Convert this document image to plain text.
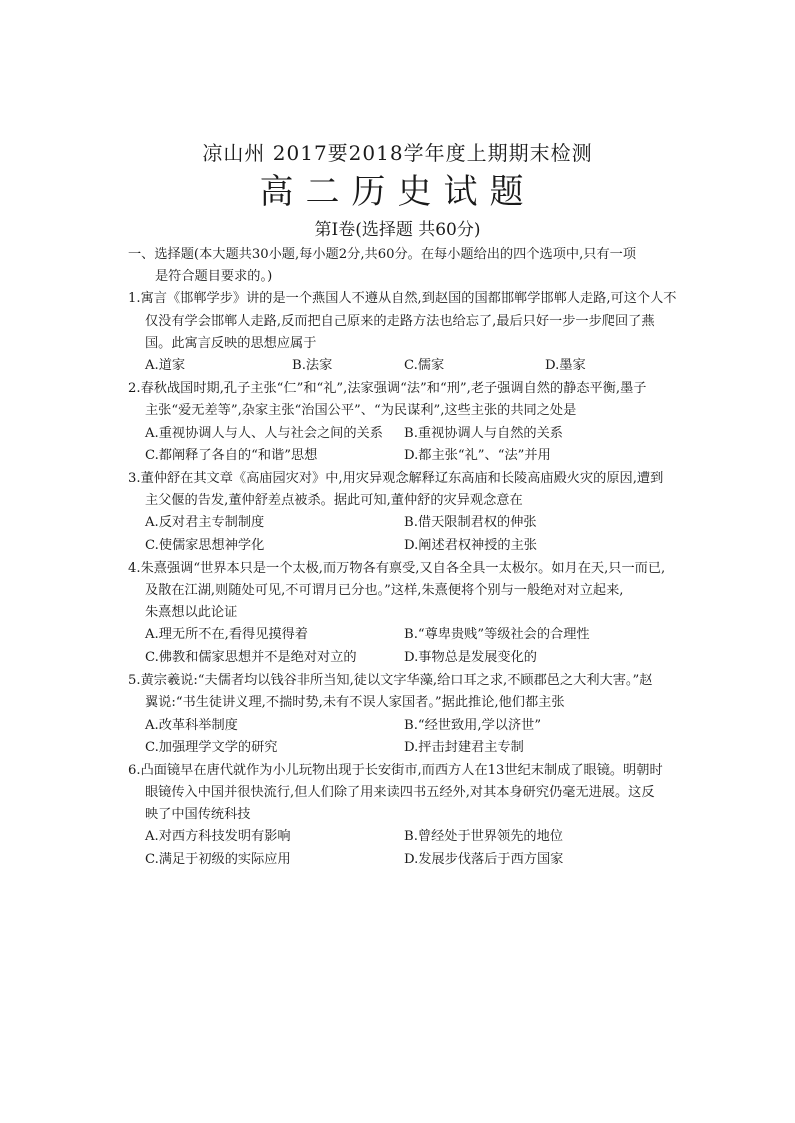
凉山州 2017要2018学年度上期期末检测
高二历史试题
第Ⅰ卷(选择题 共60分)
一、选择题(本大题共30小题,每小题2分,共60分。在每小题给出的四个选项中,只有一项
是符合题目要求的。)
1.寓言《邯郸学步》讲的是一个燕国人不遵从自然,到赵国的国都邯郸学邯郸人走路,可这个人不
仅没有学会邯郸人走路,反而把自己原来的走路方法也给忘了,最后只好一步一步爬回了燕
国。此寓言反映的思想应属于
A.道家	B.法家	C.儒家	D.墨家
2.春秋战国时期,孔子主张“仁”和“礼”,法家强调“法”和“刑”,老子强调自然的静态平衡,墨子
主张“爱无差等”,杂家主张“治国公平”、“为民谋利”,这些主张的共同之处是
A.重视协调人与人、人与社会之间的关系 B.重视协调人与自然的关系
C.都阐释了各自的“和谐”思想	D.都主张“礼”、“法”并用
3.董仲舒在其文章《高庙园灾对》中,用灾异观念解释辽东高庙和长陵高庙殿火灾的原因,遭到
主父偃的告发,董仲舒差点被杀。据此可知,董仲舒的灾异观念意在
A.反对君主专制制度	B.借天限制君权的伸张
C.使儒家思想神学化	D.阐述君权神授的主张
4.朱熹强调“世界本只是一个太极,而万物各有禀受,又自各全具一太极尔。如月在天,只一而已,
及散在江湖,则随处可见,不可谓月已分也。”这样,朱熹便将个别与一般绝对对立起来,
朱熹想以此论证
A.理无所不在,看得见摸得着	B.“尊卑贵贱”等级社会的合理性
C.佛教和儒家思想并不是绝对对立的	D.事物总是发展变化的
5.黄宗羲说:“夫儒者均以钱谷非所当知,徒以文字华藻,给口耳之求,不顾郡邑之大利大害。”赵
翼说:“书生徒讲义理,不揣时势,未有不误人家国者。”据此推论,他们都主张
A.改革科举制度	B.“经世致用,学以济世”
C.加强理学文学的研究	D.抨击封建君主专制
6.凸面镜早在唐代就作为小儿玩物出现于长安街市,而西方人在13世纪末制成了眼镜。明朝时
眼镜传入中国并很快流行,但人们除了用来读四书五经外,对其本身研究仍毫无进展。这反
映了中国传统科技
A.对西方科技发明有影响	B.曾经处于世界领先的地位
C.满足于初级的实际应用	D.发展步伐落后于西方国家
